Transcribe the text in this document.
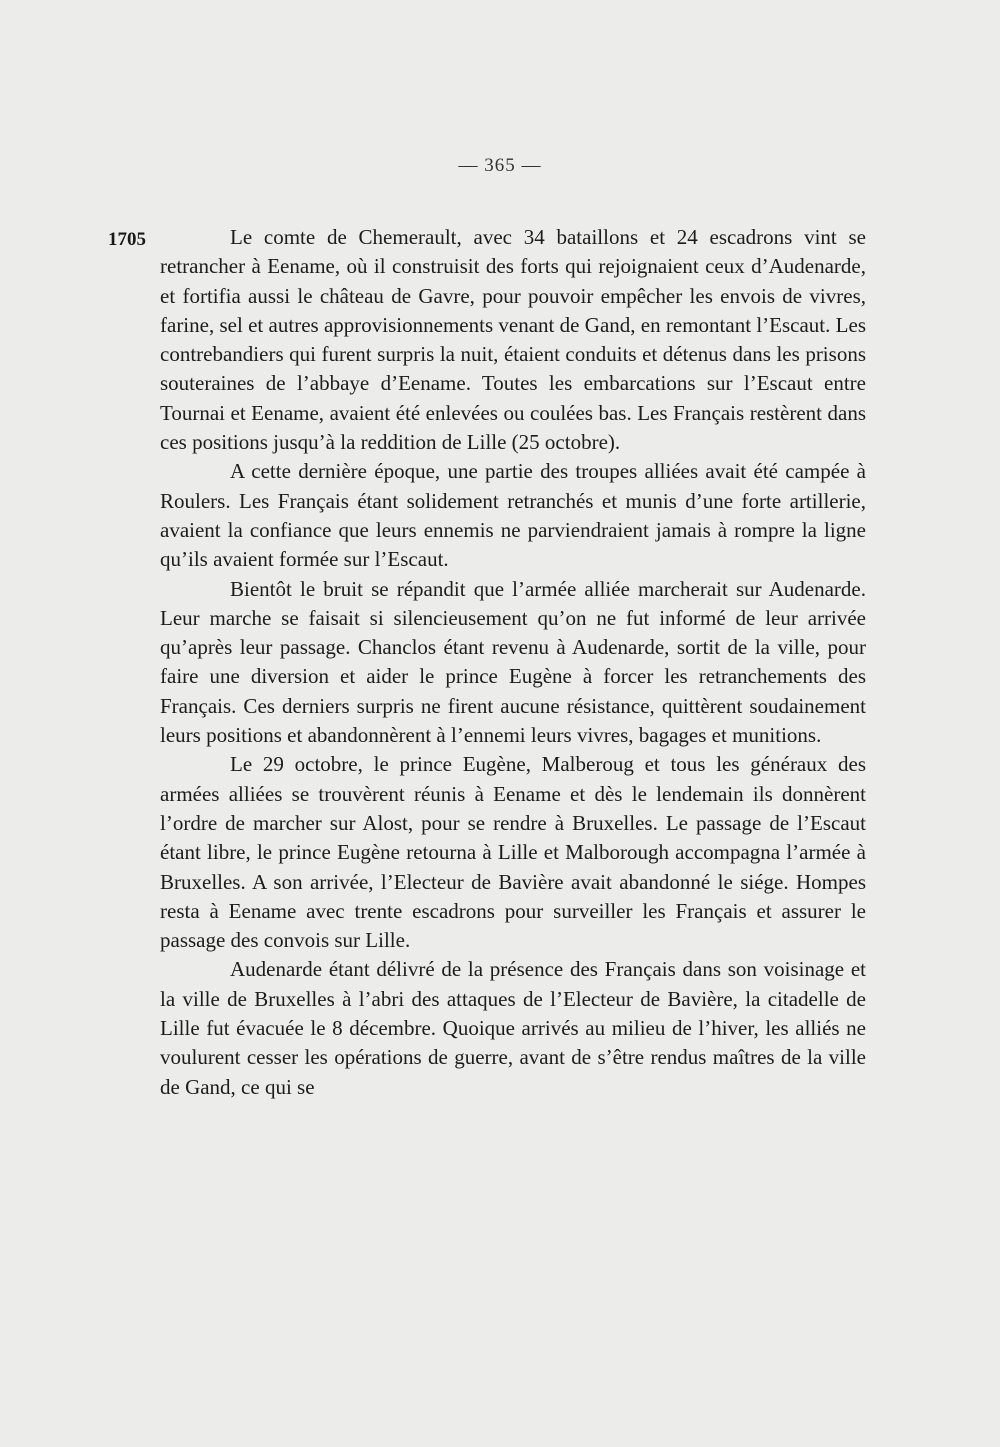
— 365 —
1705	Le comte de Chemerault, avec 34 bataillons et 24 escadrons vint se retrancher à Eename, où il construisit des forts qui rejoignaient ceux d’Audenarde, et fortifia aussi le château de Gavre, pour pouvoir empêcher les envois de vivres, farine, sel et autres approvisionnements venant de Gand, en remontant l’Escaut. Les contrebandiers qui furent surpris la nuit, étaient conduits et détenus dans les prisons souteraines de l’abbaye d’Eename. Toutes les embarcations sur l’Escaut entre Tournai et Eename, avaient été enlevées ou coulées bas. Les Français restèrent dans ces positions jusqu’à la reddition de Lille (25 octobre).

A cette dernière époque, une partie des troupes alliées avait été campée à Roulers. Les Français étant solidement retranchés et munis d’une forte artillerie, avaient la confiance que leurs ennemis ne parviendraient jamais à rompre la ligne qu’ils avaient formée sur l’Escaut.

Bientôt le bruit se répandit que l’armée alliée marcherait sur Audenarde. Leur marche se faisait si silencieusement qu’on ne fut informé de leur arrivée qu’après leur passage. Chanclos étant revenu à Audenarde, sortit de la ville, pour faire une diversion et aider le prince Eugène à forcer les retranchements des Français. Ces derniers surpris ne firent aucune résistance, quittèrent soudainement leurs positions et abandonnèrent à l’ennemi leurs vivres, bagages et munitions.

Le 29 octobre, le prince Eugène, Malberoug et tous les généraux des armées alliées se trouvèrent réunis à Eename et dès le lendemain ils donnèrent l’ordre de marcher sur Alost, pour se rendre à Bruxelles. Le passage de l’Escaut étant libre, le prince Eugène retourna à Lille et Malborough accompagna l’armée à Bruxelles. A son arrivée, l’Electeur de Bavière avait abandonné le siége. Hompes resta à Eename avec trente escadrons pour surveiller les Français et assurer le passage des convois sur Lille.

Audenarde étant délivré de la présence des Français dans son voisinage et la ville de Bruxelles à l’abri des attaques de l’Electeur de Bavière, la citadelle de Lille fut évacuée le 8 décembre. Quoique arrivés au milieu de l’hiver, les alliés ne voulurent cesser les opérations de guerre, avant de s’être rendus maîtres de la ville de Gand, ce qui se
